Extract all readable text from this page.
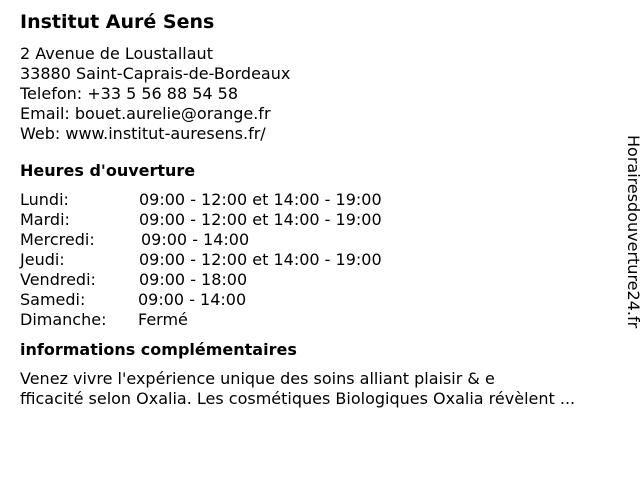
Institut Auré Sens
2 Avenue de Loustallaut
33880 Saint-Caprais-de-Bordeaux
Telefon: +33 5 56 88 54 58
Email: bouet.aurelie@orange.fr
Web: www.institut-auresens.fr/
Heures d'ouverture
Lundi:	09:00 - 12:00 et 14:00 - 19:00
Mardi:	09:00 - 12:00 et 14:00 - 19:00
Mercredi:	09:00 - 14:00
Jeudi:	09:00 - 12:00 et 14:00 - 19:00
Vendredi:	09:00 - 18:00
Samedi:	09:00 - 14:00
Dimanche: Fermé
informations complémentaires
Venez vivre l'expérience unique des soins alliant plaisir & e
fficacité selon Oxalia. Les cosmétiques Biologiques Oxalia révèlent ...
Horairesdouverture24.fr
